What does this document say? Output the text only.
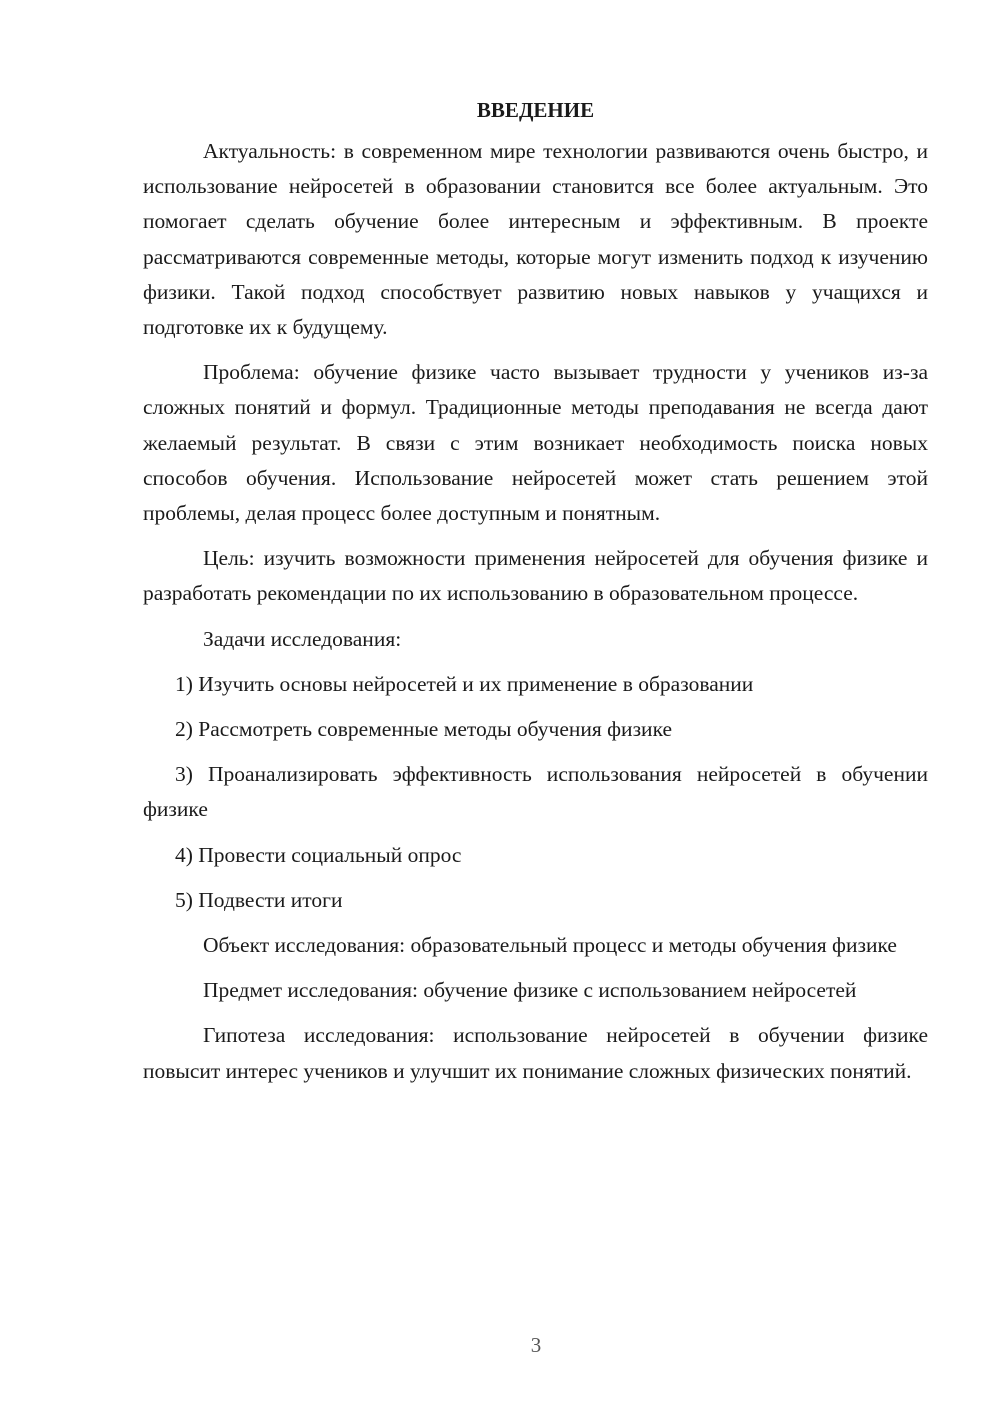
ВВЕДЕНИЕ

Актуальность: в современном мире технологии развиваются очень быстро, и использование нейросетей в образовании становится все более актуальным. Это помогает сделать обучение более интересным и эффективным. В проекте рассматриваются современные методы, которые могут изменить подход к изучению физики. Такой подход способствует развитию новых навыков у учащихся и подготовке их к будущему.

Проблема: обучение физике часто вызывает трудности у учеников из-за сложных понятий и формул. Традиционные методы преподавания не всегда дают желаемый результат. В связи с этим возникает необходимость поиска новых способов обучения. Использование нейросетей может стать решением этой проблемы, делая процесс более доступным и понятным.

Цель: изучить возможности применения нейросетей для обучения физике и разработать рекомендации по их использованию в образовательном процессе.

Задачи исследования:

1) Изучить основы нейросетей и их применение в образовании

2) Рассмотреть современные методы обучения физике

3) Проанализировать эффективность использования нейросетей в обучении физике

4) Провести социальный опрос

5) Подвести итоги

Объект исследования: образовательный процесс и методы обучения физике

Предмет исследования: обучение физике с использованием нейросетей

Гипотеза исследования: использование нейросетей в обучении физике повысит интерес учеников и улучшит их понимание сложных физических понятий.

3
